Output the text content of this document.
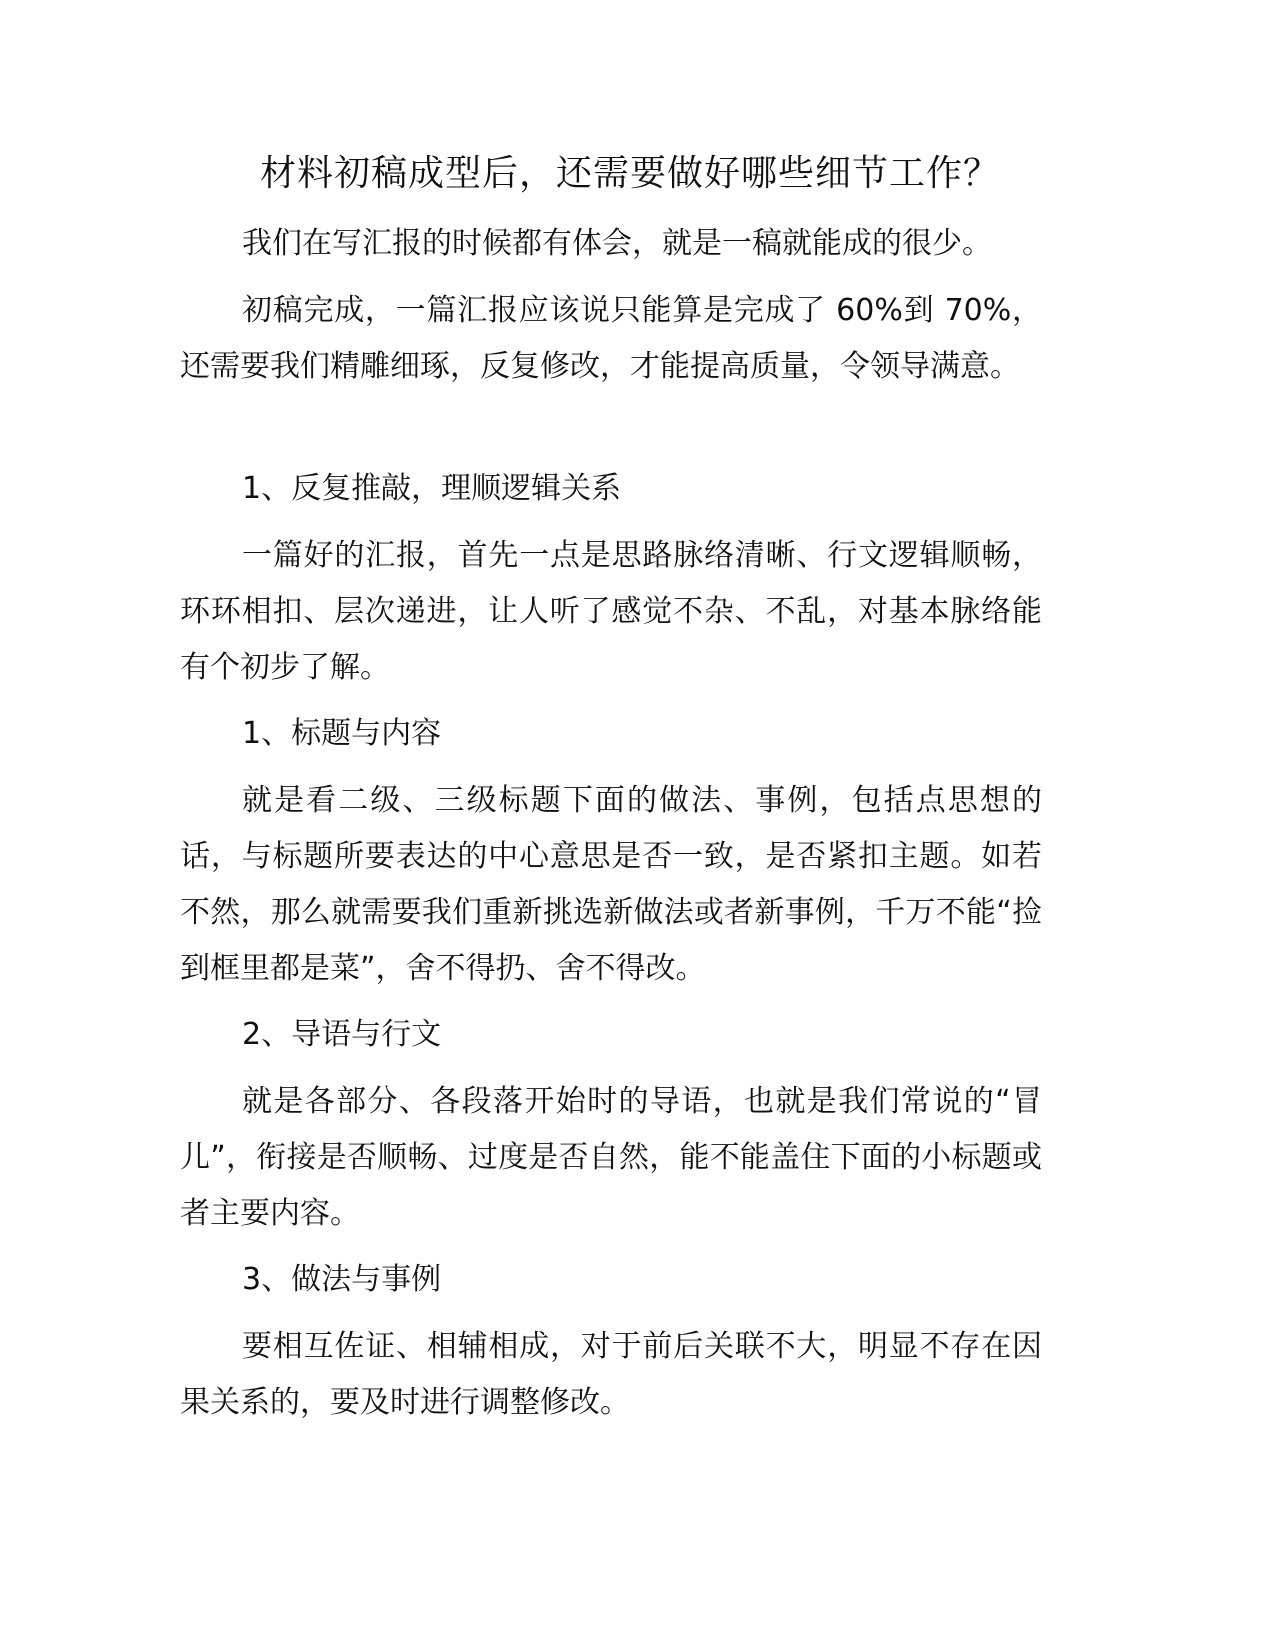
材料初稿成型后，还需要做好哪些细节工作？

我们在写汇报的时候都有体会，就是一稿就能成的很少。

初稿完成，一篇汇报应该说只能算是完成了 60%到 70%，还需要我们精雕细琢，反复修改，才能提高质量，令领导满意。

1、反复推敲，理顺逻辑关系

一篇好的汇报，首先一点是思路脉络清晰、行文逻辑顺畅，环环相扣、层次递进，让人听了感觉不杂、不乱，对基本脉络能有个初步了解。

1、标题与内容

就是看二级、三级标题下面的做法、事例，包括点思想的话，与标题所要表达的中心意思是否一致，是否紧扣主题。如若不然，那么就需要我们重新挑选新做法或者新事例，千万不能“捡到框里都是菜”，舍不得扔、舍不得改。

2、导语与行文

就是各部分、各段落开始时的导语，也就是我们常说的“冒儿”，衔接是否顺畅、过度是否自然，能不能盖住下面的小标题或者主要内容。

3、做法与事例

要相互佐证、相辅相成，对于前后关联不大，明显不存在因果关系的，要及时进行调整修改。
